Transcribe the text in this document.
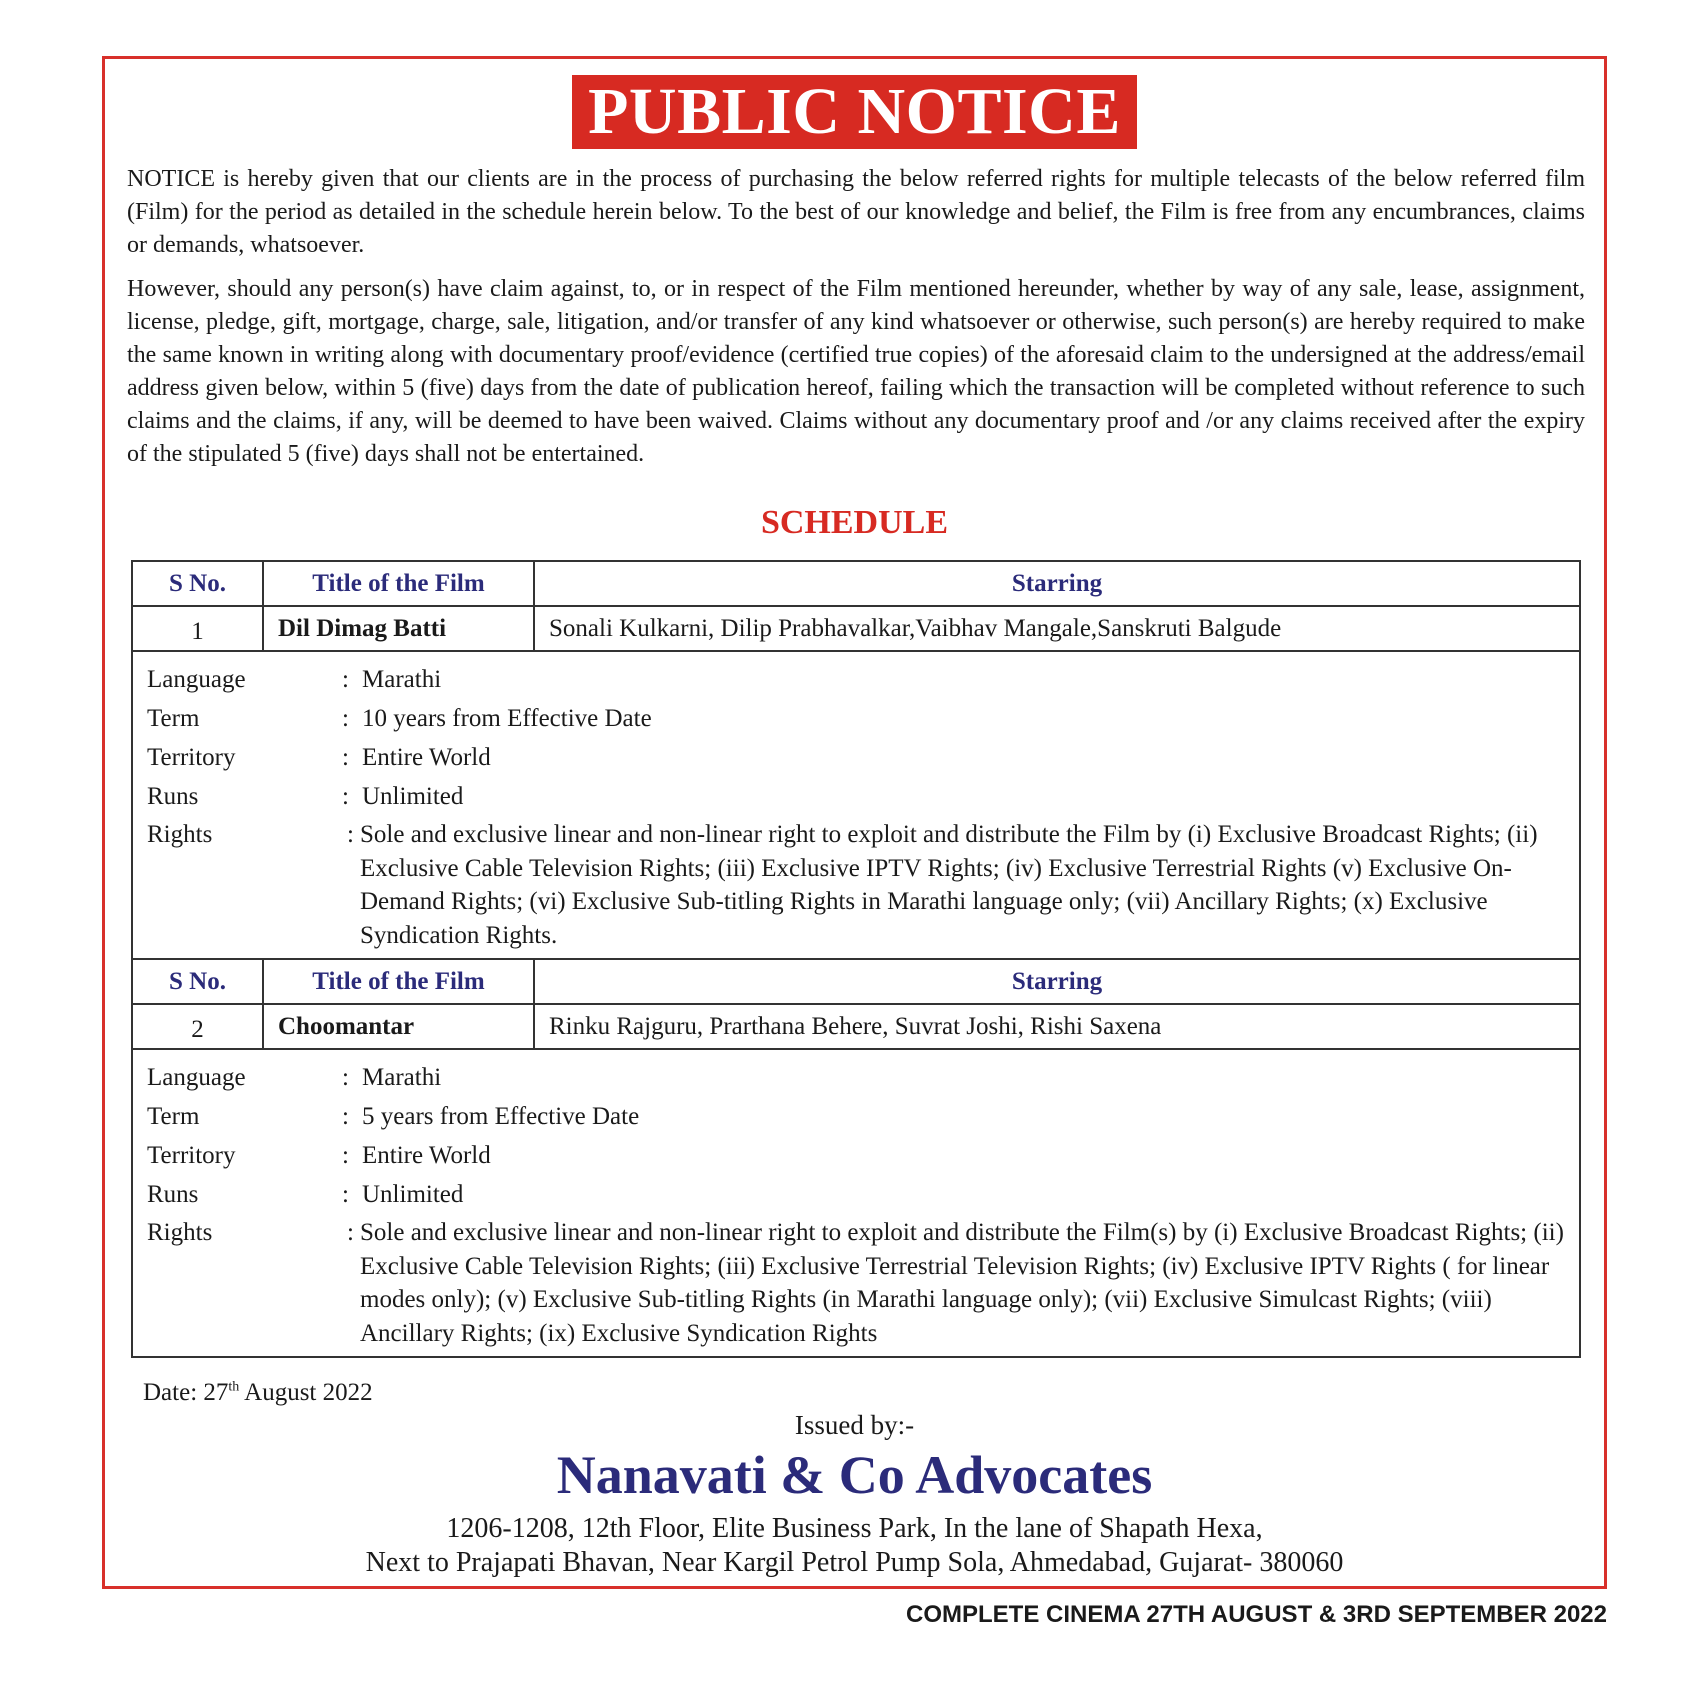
PUBLIC NOTICE

NOTICE is hereby given that our clients are in the process of purchasing the below referred rights for multiple telecasts of the below referred film (Film) for the period as detailed in the schedule herein below. To the best of our knowledge and belief, the Film is free from any encumbrances, claims or demands, whatsoever.

However, should any person(s) have claim against, to, or in respect of the Film mentioned hereunder, whether by way of any sale, lease, assignment, license, pledge, gift, mortgage, charge, sale, litigation, and/or transfer of any kind whatsoever or otherwise, such person(s) are hereby required to make the same known in writing along with documentary proof/evidence (certified true copies) of the aforesaid claim to the undersigned at the address/email address given below, within 5 (five) days from the date of publication hereof, failing which the transaction will be completed without reference to such claims and the claims, if any, will be deemed to have been waived. Claims without any documentary proof and /or any claims received after the expiry of the stipulated 5 (five) days shall not be entertained.

SCHEDULE
S No.	Title of the Film	Starring
1	Dil Dimag Batti	Sonali Kulkarni, Dilip Prabhavalkar,Vaibhav Mangale,Sanskruti Balgude
Language	: Marathi
Term	: 10 years from Effective Date
Territory	: Entire World
Runs	: Unlimited
Rights	: Sole and exclusive linear and non-linear right to exploit and distribute the Film by (i) Exclusive Broadcast Rights; (ii) Exclusive Cable Television Rights; (iii) Exclusive IPTV Rights; (iv) Exclusive Terrestrial Rights (v) Exclusive On-Demand Rights; (vi) Exclusive Sub-titling Rights in Marathi language only; (vii) Ancillary Rights; (x) Exclusive Syndication Rights.
S No.	Title of the Film	Starring
2	Choomantar	Rinku Rajguru, Prarthana Behere, Suvrat Joshi, Rishi Saxena
Language	: Marathi
Term	: 5 years from Effective Date
Territory	: Entire World
Runs	: Unlimited
Rights	: Sole and exclusive linear and non-linear right to exploit and distribute the Film(s) by (i) Exclusive Broadcast Rights; (ii) Exclusive Cable Television Rights; (iii) Exclusive Terrestrial Television Rights; (iv) Exclusive IPTV Rights ( for linear modes only); (v) Exclusive Sub-titling Rights (in Marathi language only); (vii) Exclusive Simulcast Rights; (viii) Ancillary Rights; (ix) Exclusive Syndication Rights
Date: 27th August 2022
Issued by:-
Nanavati & Co Advocates
1206-1208, 12th Floor, Elite Business Park, In the lane of Shapath Hexa,
Next to Prajapati Bhavan, Near Kargil Petrol Pump Sola, Ahmedabad, Gujarat- 380060
COMPLETE CINEMA 27TH AUGUST & 3RD SEPTEMBER 2022
